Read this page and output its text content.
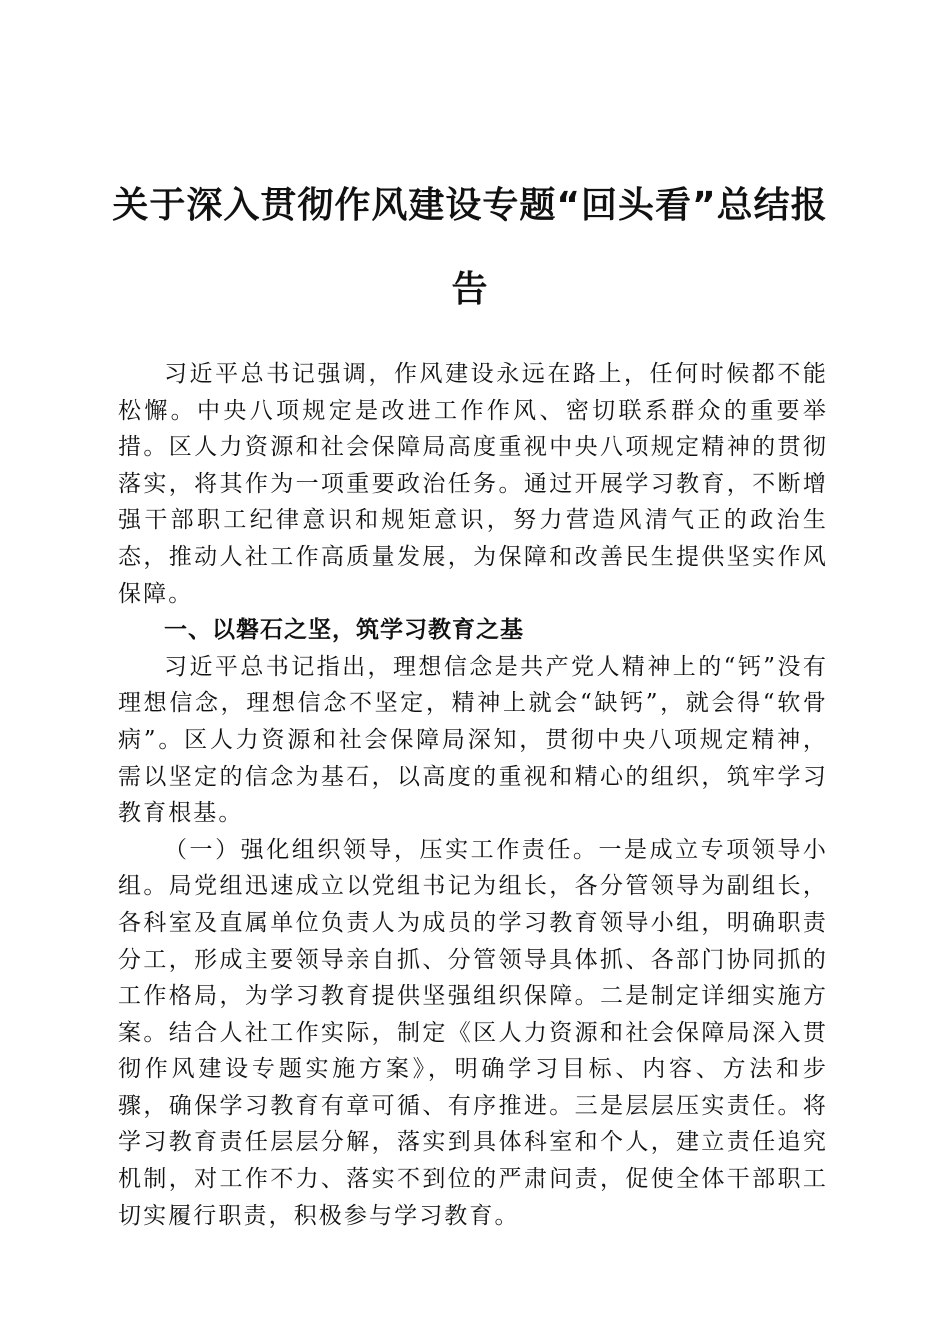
关于深入贯彻作风建设专题“回头看”总结报告

习近平总书记强调，作风建设永远在路上，任何时候都不能松懈。中央八项规定是改进工作作风、密切联系群众的重要举措。区人力资源和社会保障局高度重视中央八项规定精神的贯彻落实，将其作为一项重要政治任务。通过开展学习教育，不断增强干部职工纪律意识和规矩意识，努力营造风清气正的政治生态，推动人社工作高质量发展，为保障和改善民生提供坚实作风保障。

一、以磐石之坚，筑学习教育之基

习近平总书记指出，理想信念是共产党人精神上的“钙”没有理想信念，理想信念不坚定，精神上就会“缺钙”，就会得“软骨病”。区人力资源和社会保障局深知，贯彻中央八项规定精神，需以坚定的信念为基石，以高度的重视和精心的组织，筑牢学习教育根基。

（一）强化组织领导，压实工作责任。一是成立专项领导小组。局党组迅速成立以党组书记为组长，各分管领导为副组长，各科室及直属单位负责人为成员的学习教育领导小组，明确职责分工，形成主要领导亲自抓、分管领导具体抓、各部门协同抓的工作格局，为学习教育提供坚强组织保障。二是制定详细实施方案。结合人社工作实际，制定《区人力资源和社会保障局深入贯彻作风建设专题实施方案》，明确学习目标、内容、方法和步骤，确保学习教育有章可循、有序推进。三是层层压实责任。将学习教育责任层层分解，落实到具体科室和个人，建立责任追究机制，对工作不力、落实不到位的严肃问责，促使全体干部职工切实履行职责，积极参与学习教育。
